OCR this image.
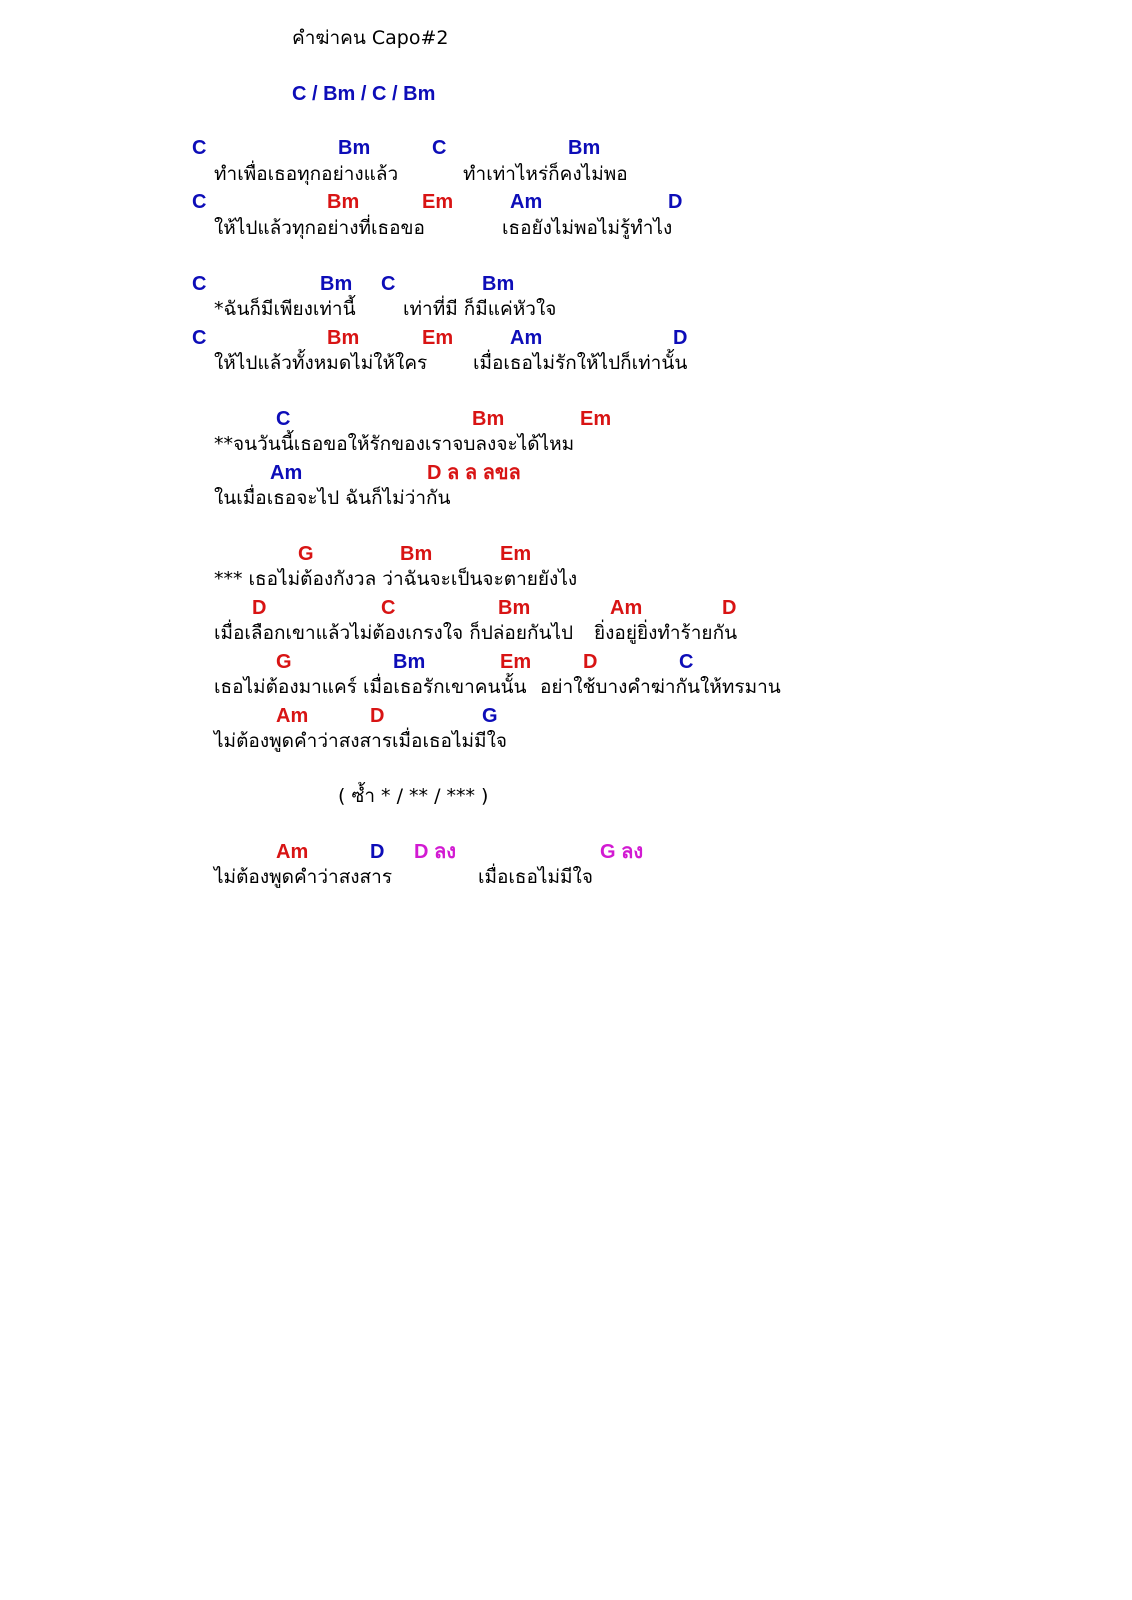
คำฆ่าคน Capo#2
C / Bm / C / Bm
C	Bm	C	Bm
ทำเพื่อเธอทุกอย่างแล้ว	ทำเท่าไหร่ก็คงไม่พอ
C	Bm	Em	Am	D
ให้ไปแล้วทุกอย่างที่เธอขอ	เธอยังไม่พอไม่รู้ทำไง
C	Bm C	Bm
*ฉันก็มีเพียงเท่านี้ เท่าที่มี ก็มีแค่หัวใจ
C	Bm	Em	Am	D
ให้ไปแล้วทั้งหมดไม่ให้ใคร เมื่อเธอไม่รักให้ไปก็เท่านั้น
C	Bm	Em
**จนวันนี้เธอขอให้รักของเราจบลงจะได้ไหม
Am	D ล ล ลขล
ในเมื่อเธอจะไป ฉันก็ไม่ว่ากัน
G	Bm	Em
*** เธอไม่ต้องกังวล ว่าฉันจะเป็นจะตายยังไง
D	C	Bm	Am	D
เมื่อเลือกเขาแล้วไม่ต้องเกรงใจ ก็ปล่อยกันไป ยิ่งอยู่ยิ่งทำร้ายกัน
G	Bm	Em	D	C
เธอไม่ต้องมาแคร์ เมื่อเธอรักเขาคนนั้น อย่าใช้บางคำฆ่ากันให้ทรมาน
Am	D	G
ไม่ต้องพูดคำว่าสงสารเมื่อเธอไม่มีใจ
( ซ้ำ * / ** / *** )
Am	D D ลง	G ลง
ไม่ต้องพูดคำว่าสงสาร	เมื่อเธอไม่มีใจ
